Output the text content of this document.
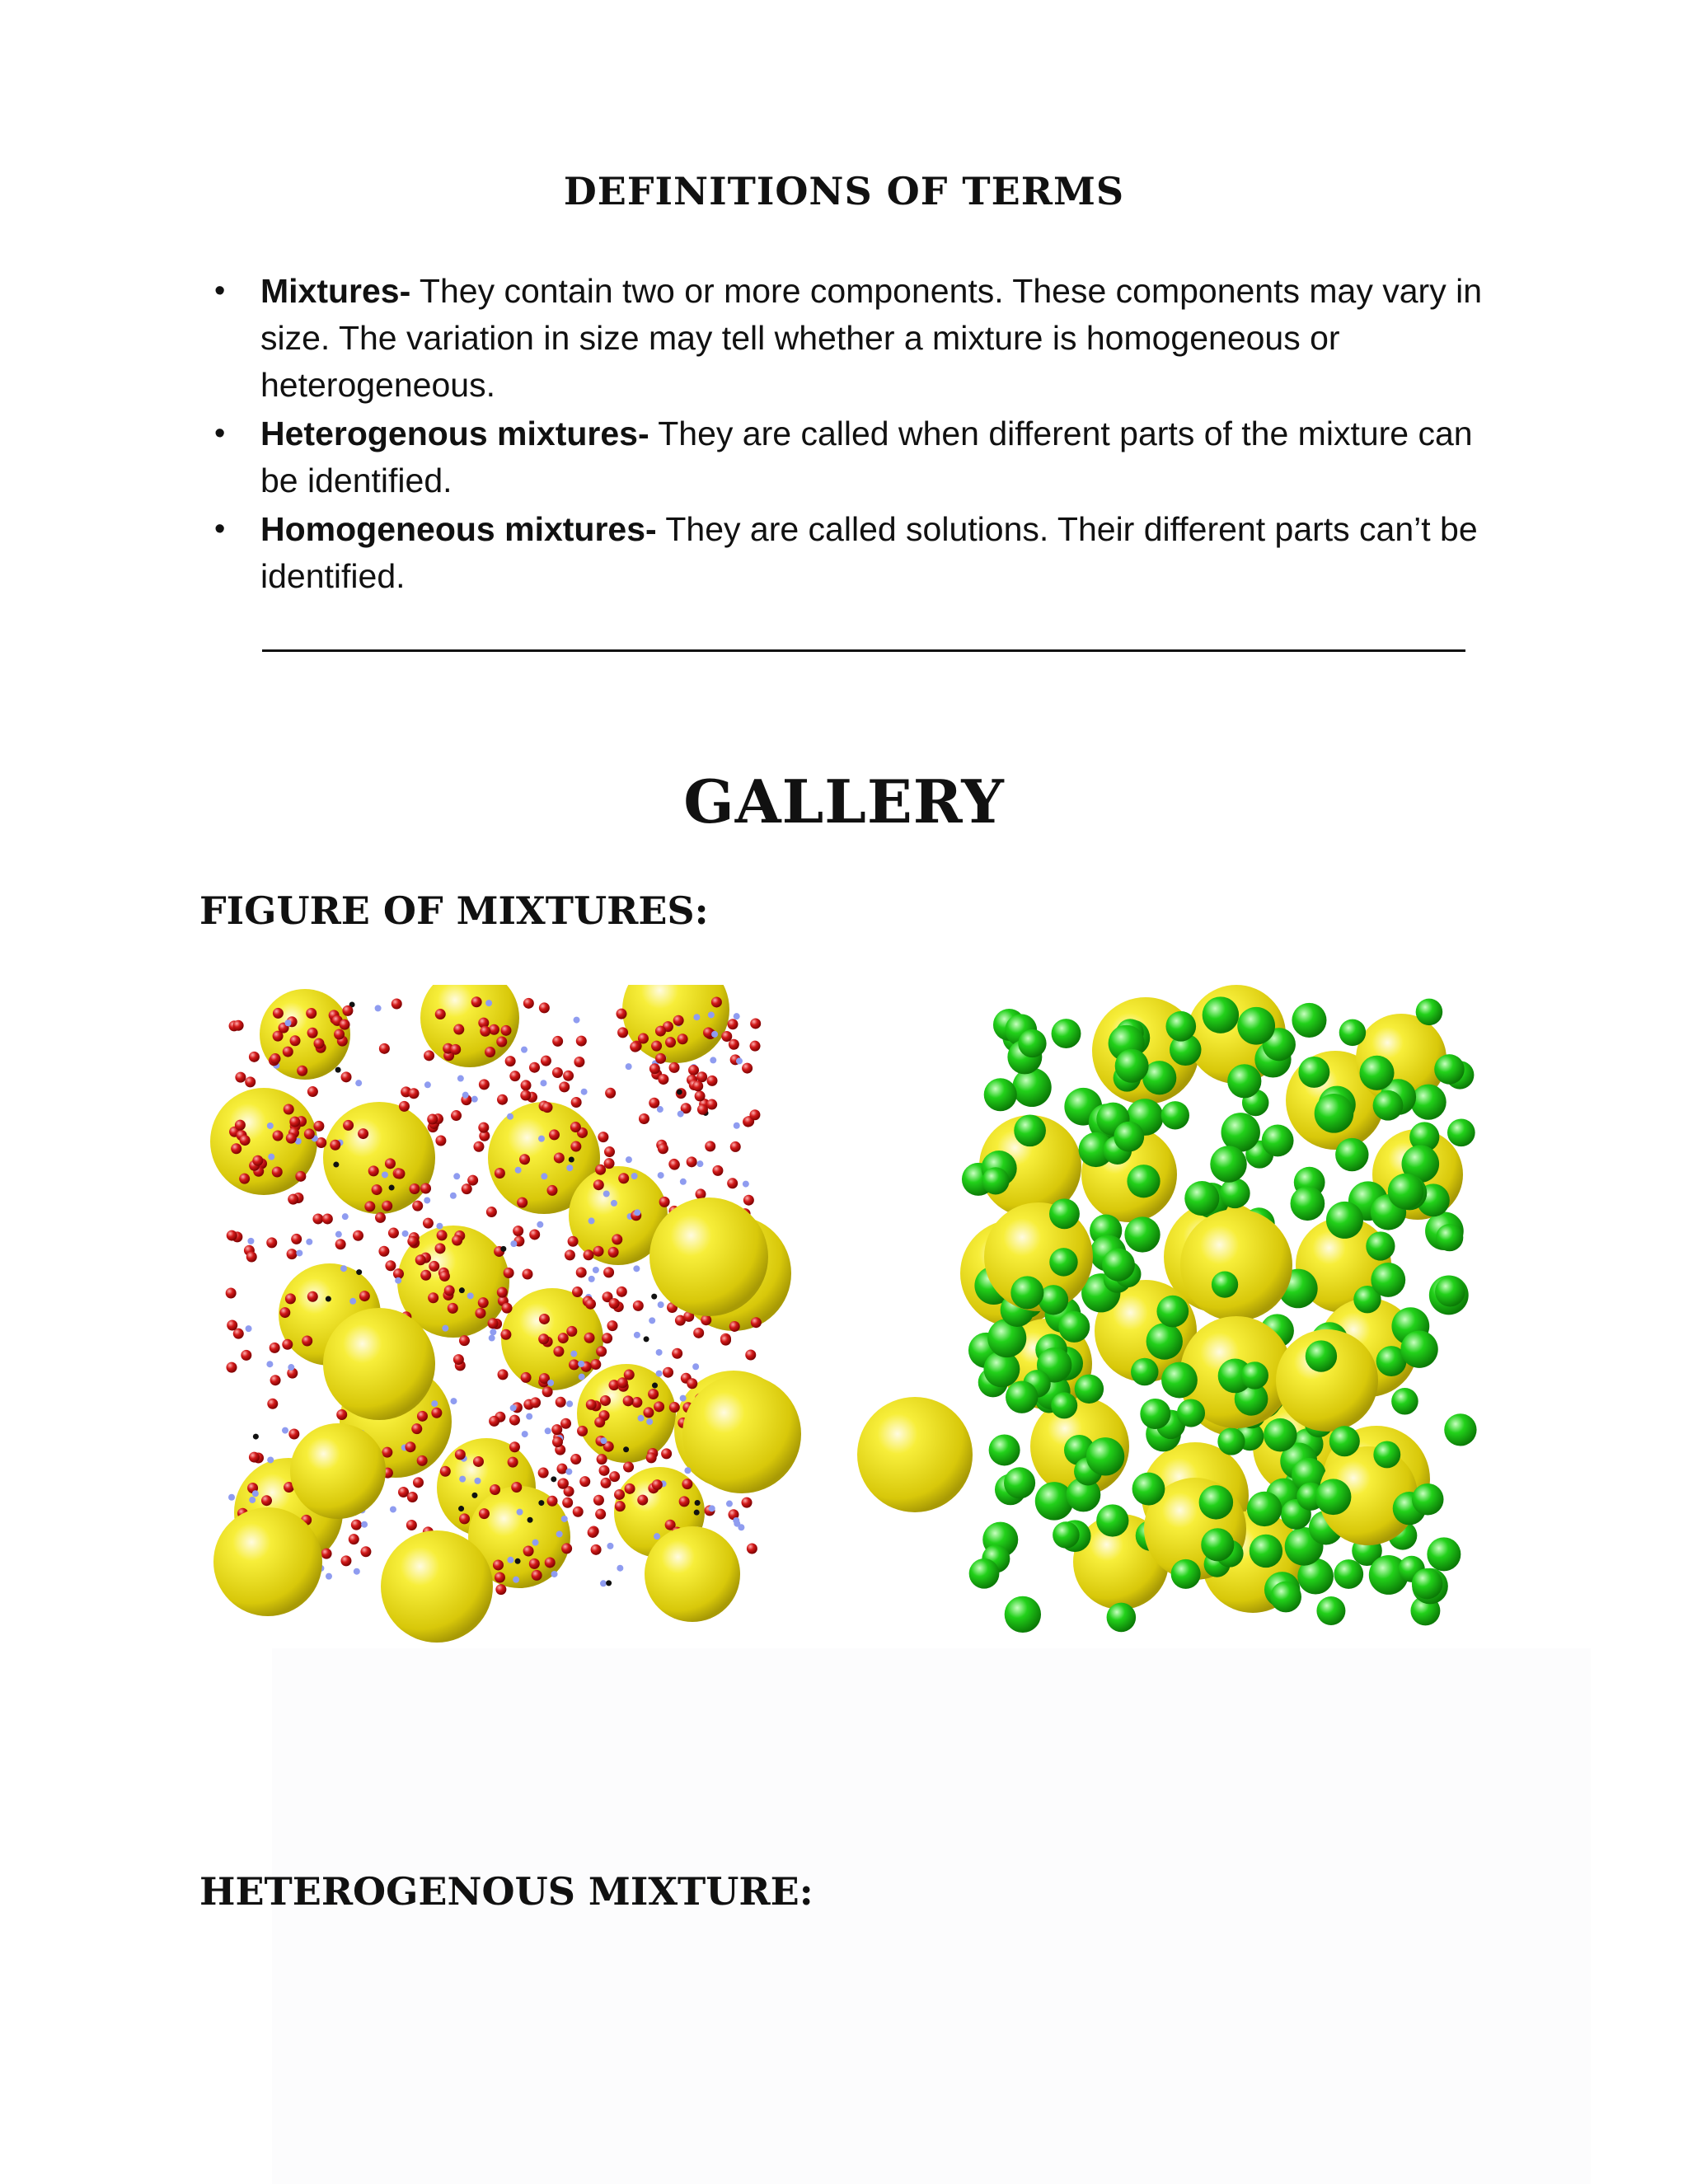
DEFINITIONS OF TERMS
• Mixtures- They contain two or more components. These components may vary in size. The variation in size may tell whether a mixture is homogeneous or heterogeneous.
• Heterogenous mixtures- They are called when different parts of the mixture can be identified.
• Homogeneous mixtures- They are called solutions. Their different parts can’t be identified.
GALLERY
FIGURE OF MIXTURES:
HETEROGENOUS MIXTURE:
